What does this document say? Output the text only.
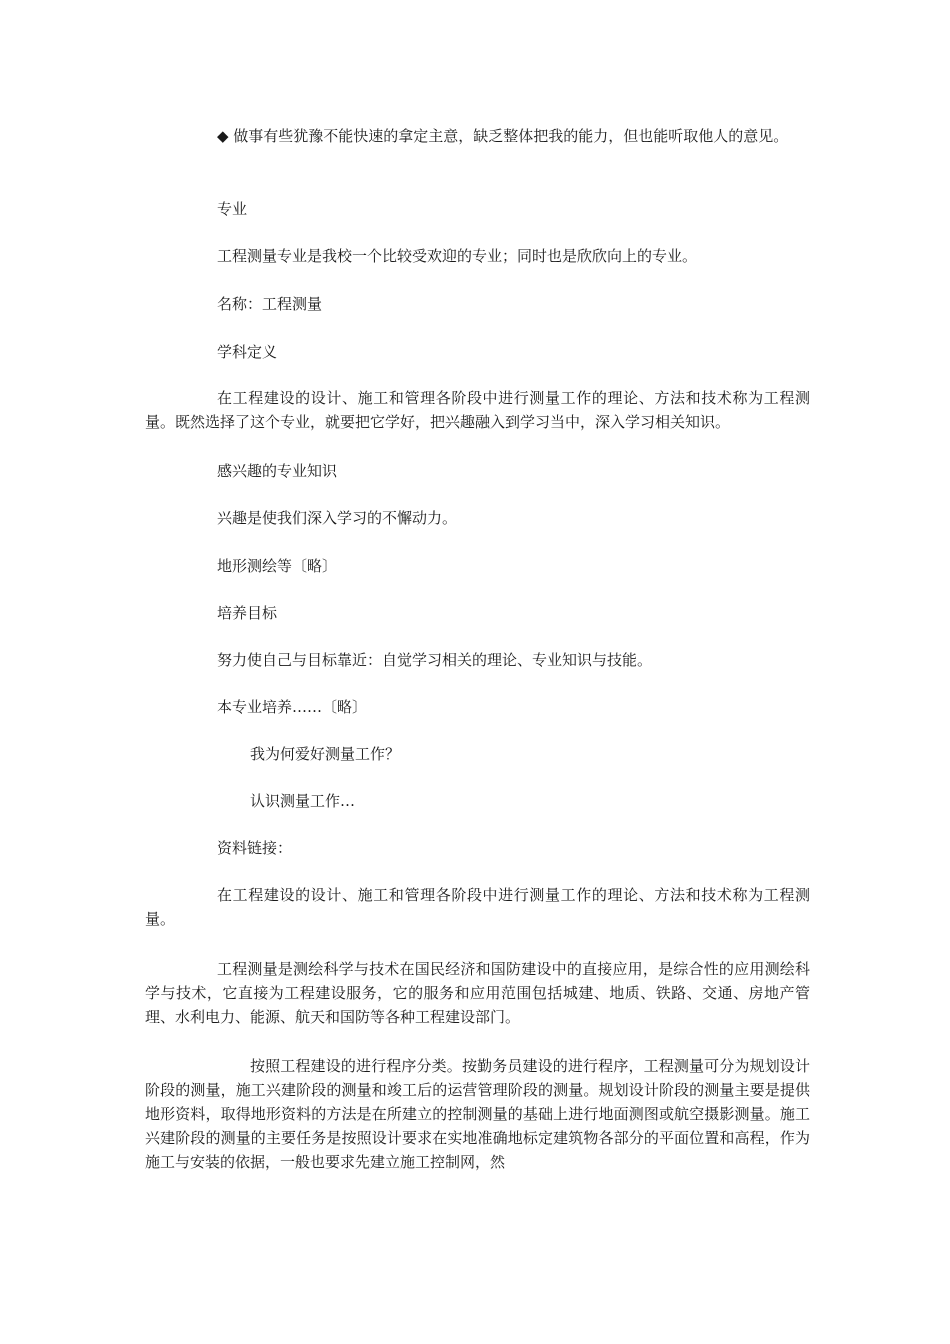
◆ 做事有些犹豫不能快速的拿定主意，缺乏整体把我的能力，但也能听取他人的意见。

专业

工程测量专业是我校一个比较受欢迎的专业；同时也是欣欣向上的专业。

名称：工程测量

学科定义

在工程建设的设计、施工和管理各阶段中进行测量工作的理论、方法和技术称为工程测量。既然选择了这个专业，就要把它学好，把兴趣融入到学习当中，深入学习相关知识。

感兴趣的专业知识

兴趣是使我们深入学习的不懈动力。

地形测绘等〔略〕

培养目标

努力使自己与目标靠近：自觉学习相关的理论、专业知识与技能。

本专业培养……〔略〕

我为何爱好测量工作？

认识测量工作…

资料链接：

在工程建设的设计、施工和管理各阶段中进行测量工作的理论、方法和技术称为工程测量。

工程测量是测绘科学与技术在国民经济和国防建设中的直接应用，是综合性的应用测绘科学与技术，它直接为工程建设服务，它的服务和应用范围包括城建、地质、铁路、交通、房地产管理、水利电力、能源、航天和国防等各种工程建设部门。

按照工程建设的进行程序分类。按勤务员建设的进行程序，工程测量可分为规划设计阶段的测量，施工兴建阶段的测量和竣工后的运营管理阶段的测量。规划设计阶段的测量主要是提供地形资料，取得地形资料的方法是在所建立的控制测量的基础上进行地面测图或航空摄影测量。施工兴建阶段的测量的主要任务是按照设计要求在实地准确地标定建筑物各部分的平面位置和高程，作为施工与安装的依据，一般也要求先建立施工控制网，然
